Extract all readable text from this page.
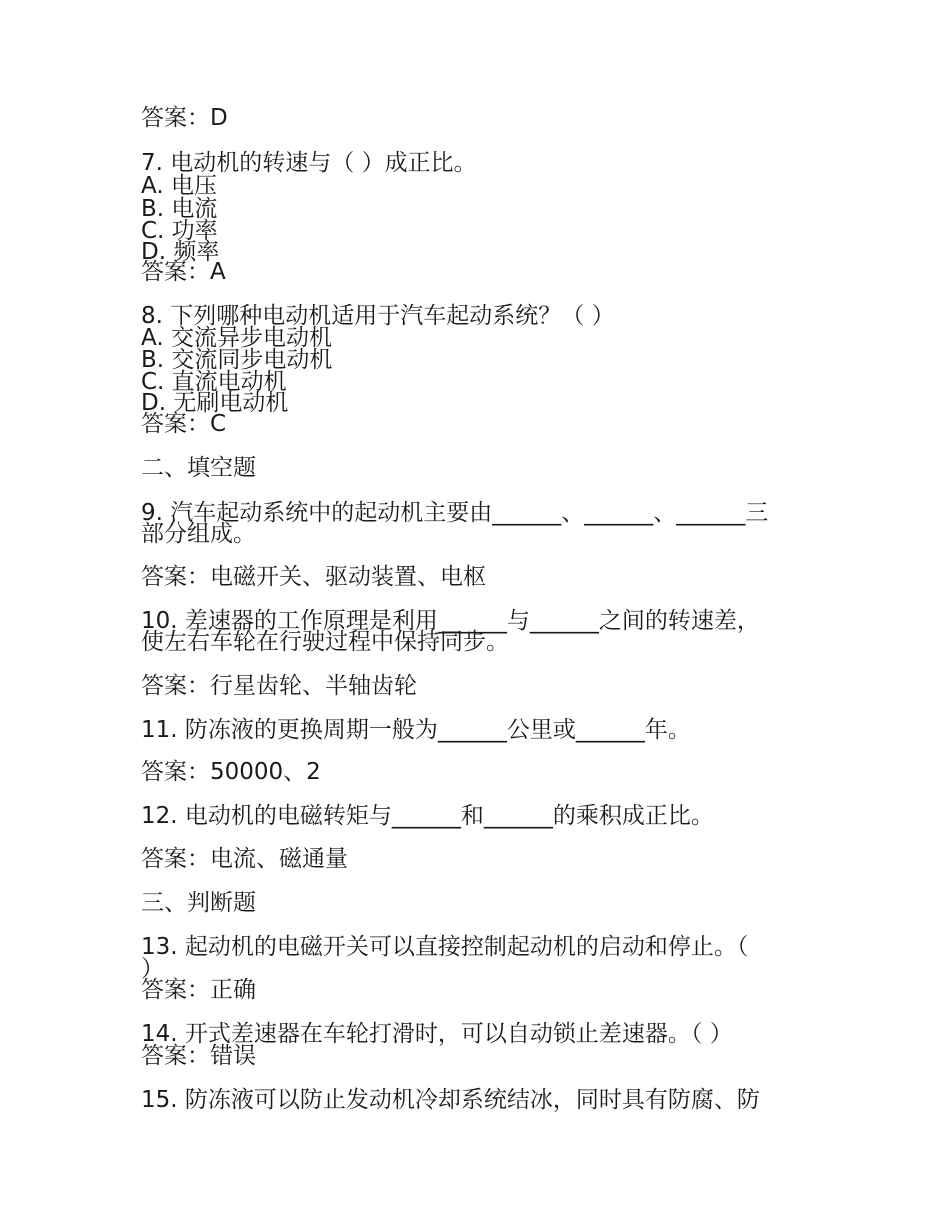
答案：D
7. 电动机的转速与（ ）成正比。
A. 电压
B. 电流
C. 功率
D. 频率
答案：A
8. 下列哪种电动机适用于汽车起动系统？（ ）
A. 交流异步电动机
B. 交流同步电动机
C. 直流电动机
D. 无刷电动机
答案：C
二、填空题
9. 汽车起动系统中的起动机主要由______、______、______三
部分组成。
答案：电磁开关、驱动装置、电枢
10. 差速器的工作原理是利用______与______之间的转速差，
使左右车轮在行驶过程中保持同步。
答案：行星齿轮、半轴齿轮
11. 防冻液的更换周期一般为______公里或______年。
答案：50000、2
12. 电动机的电磁转矩与______和______的乘积成正比。
答案：电流、磁通量
三、判断题
13. 起动机的电磁开关可以直接控制起动机的启动和停止。（
）
答案：正确
14. 开式差速器在车轮打滑时，可以自动锁止差速器。（ ）
答案：错误
15. 防冻液可以防止发动机冷却系统结冰，同时具有防腐、防
